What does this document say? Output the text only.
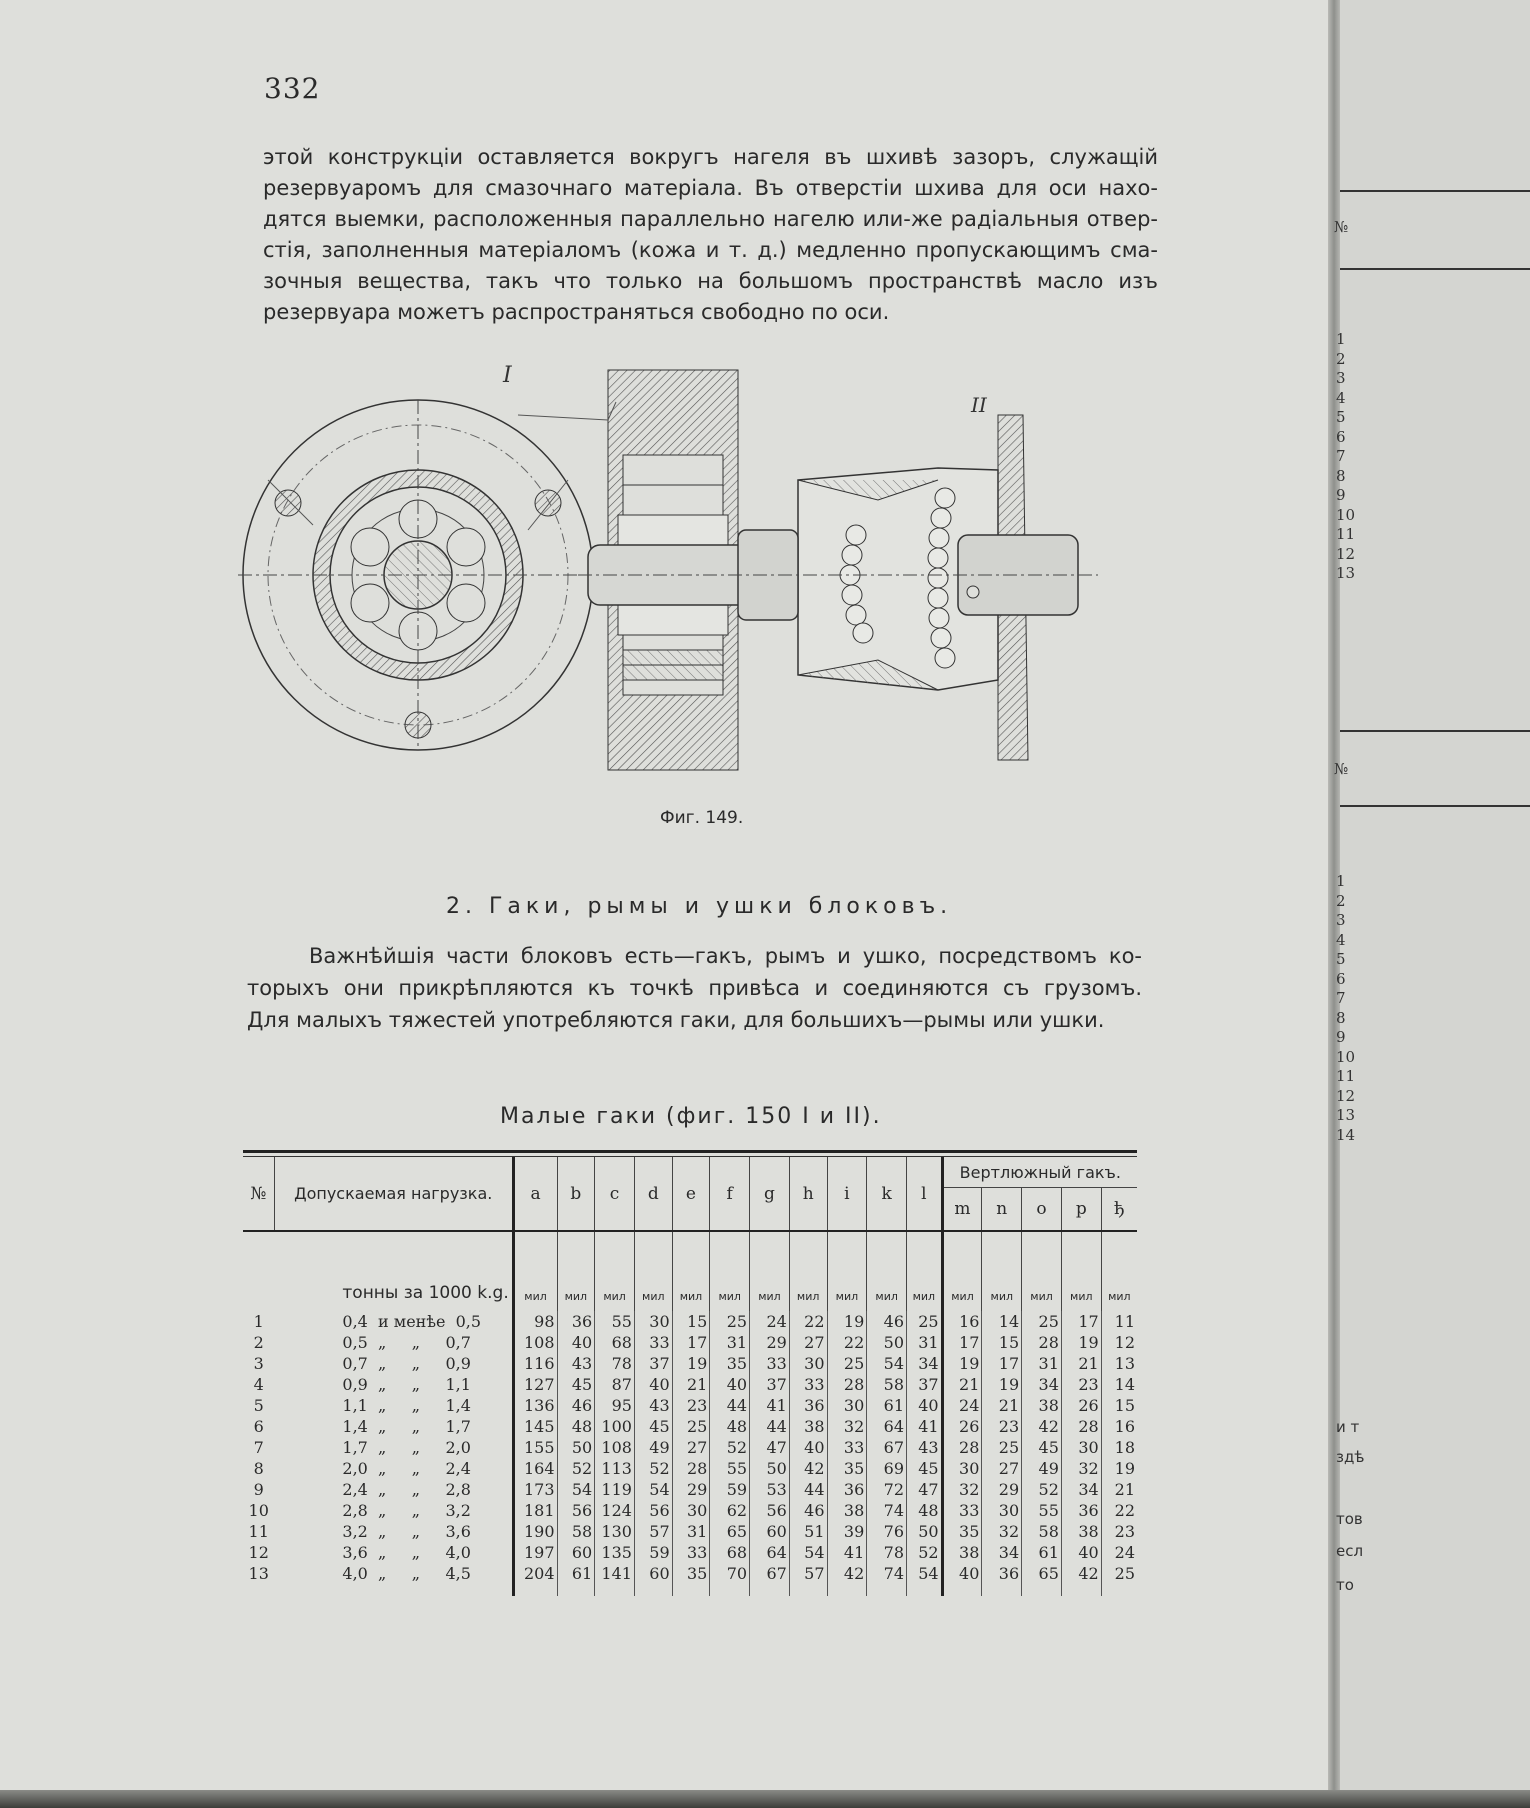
332
этой конструкціи оставляется вокругъ нагеля въ шхивѣ зазоръ, служащій
резервуаромъ для смазочнаго матеріала. Въ отверстіи шхива для оси нахо-
дятся выемки, расположенныя параллельно нагелю или-же радіальныя отвер-
стія, заполненныя матеріаломъ (кожа и т. д.) медленно пропускающимъ сма-
зочныя вещества, такъ что только на большомъ пространствѣ масло изъ
резервуара можетъ распространяться свободно по оси.
I
II
Фиг. 149.
2. Гаки, рымы и ушки блоковъ.
Важнѣйшія части блоковъ есть—гакъ, рымъ и ушко, посредствомъ ко-
торыхъ они прикрѣпляются къ точкѣ привѣса и соединяются съ грузомъ.
Для малыхъ тяжестей употребляются гаки, для большихъ—рымы или ушки.
Малые гаки (фиг. 150 I и II).
№	Допускаемая нагрузка.	a	b	c	d	e	f	g	h	i	k	l	Вертлюжный гакъ.				
													m	n	o	p	ђ

	тонны за 1000 k.g.	мил	мил	мил	мил	мил	мил	мил	мил	мил	мил	мил	мил	мил	мил	мил	мил
1	0,4  и менѣе  0,5	98	36	55	30	15	25	24	22	19	46	25	16	14	25	17	11
2	0,5  „     „     0,7	108	40	68	33	17	31	29	27	22	50	31	17	15	28	19	12
3	0,7  „     „     0,9	116	43	78	37	19	35	33	30	25	54	34	19	17	31	21	13
4	0,9  „     „     1,1	127	45	87	40	21	40	37	33	28	58	37	21	19	34	23	14
5	1,1  „     „     1,4	136	46	95	43	23	44	41	36	30	61	40	24	21	38	26	15
6	1,4  „     „     1,7	145	48	100	45	25	48	44	38	32	64	41	26	23	42	28	16
7	1,7  „     „     2,0	155	50	108	49	27	52	47	40	33	67	43	28	25	45	30	18
8	2,0  „     „     2,4	164	52	113	52	28	55	50	42	35	69	45	30	27	49	32	19
9	2,4  „     „     2,8	173	54	119	54	29	59	53	44	36	72	47	32	29	52	34	21
10	2,8  „     „     3,2	181	56	124	56	30	62	56	46	38	74	48	33	30	55	36	22
11	3,2  „     „     3,6	190	58	130	57	31	65	60	51	39	76	50	35	32	58	38	23
12	3,6  „     „     4,0	197	60	135	59	33	68	64	54	41	78	52	38	34	61	40	24
13	4,0  „     „     4,5	204	61	141	60	35	70	67	57	42	74	54	40	36	65	42	25
№
1
2
3
4
5
6
7
8
9
10
11
12
13
№
1
2
3
4
5
6
7
8
9
10
11
12
13
14
и т
здѣ
тов
есл
то
